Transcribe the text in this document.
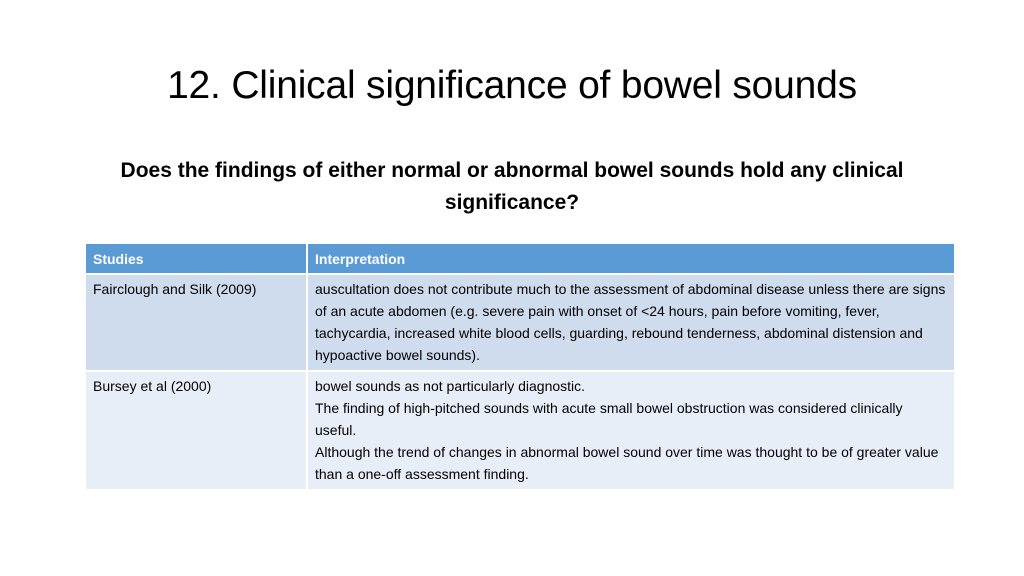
12. Clinical significance of bowel sounds

Does the findings of either normal or abnormal bowel sounds hold any clinical significance?

Studies	Interpretation
Fairclough and Silk (2009)	auscultation does not contribute much to the assessment of abdominal disease unless there are signs of an acute abdomen (e.g. severe pain with onset of <24 hours, pain before vomiting, fever, tachycardia, increased white blood cells, guarding, rebound tenderness, abdominal distension and hypoactive bowel sounds).
Bursey et al (2000)	bowel sounds as not particularly diagnostic.
The finding of high-pitched sounds with acute small bowel obstruction was considered clinically useful.
Although the trend of changes in abnormal bowel sound over time was thought to be of greater value than a one-off assessment finding.
